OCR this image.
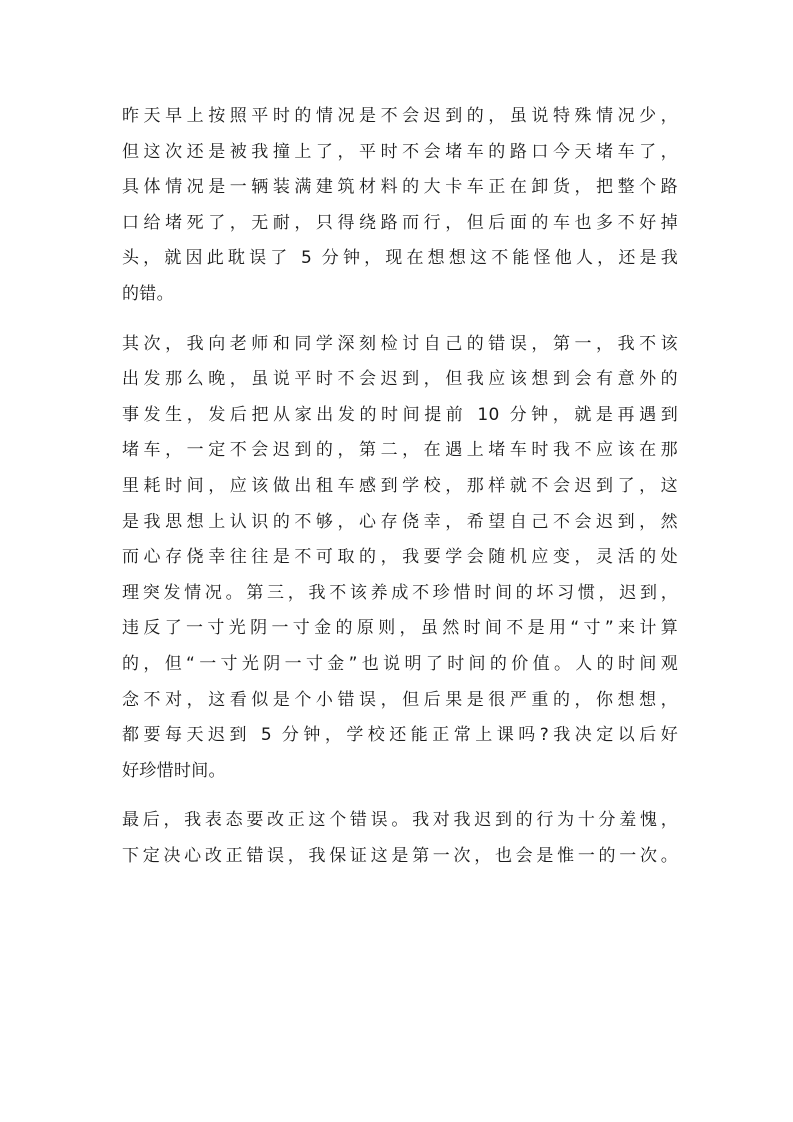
昨天早上按照平时的情况是不会迟到的，虽说特殊情况少，
但这次还是被我撞上了，平时不会堵车的路口今天堵车了，
具体情况是一辆装满建筑材料的大卡车正在卸货，把整个路
口给堵死了，无耐，只得绕路而行，但后面的车也多不好掉
头，就因此耽误了 5 分钟，现在想想这不能怪他人，还是我
的错。

其次，我向老师和同学深刻检讨自己的错误，第一，我不该
出发那么晚，虽说平时不会迟到，但我应该想到会有意外的
事发生，发后把从家出发的时间提前 10 分钟，就是再遇到
堵车，一定不会迟到的，第二，在遇上堵车时我不应该在那
里耗时间，应该做出租车感到学校，那样就不会迟到了，这
是我思想上认识的不够，心存侥幸，希望自己不会迟到，然
而心存侥幸往往是不可取的，我要学会随机应变，灵活的处
理突发情况。第三，我不该养成不珍惜时间的坏习惯，迟到，
违反了一寸光阴一寸金的原则，虽然时间不是用“寸”来计算
的，但“一寸光阴一寸金”也说明了时间的价值。人的时间观
念不对，这看似是个小错误，但后果是很严重的，你想想，
都要每天迟到 5 分钟，学校还能正常上课吗?我决定以后好
好珍惜时间。

最后，我表态要改正这个错误。我对我迟到的行为十分羞愧，
下定决心改正错误，我保证这是第一次，也会是惟一的一次。
